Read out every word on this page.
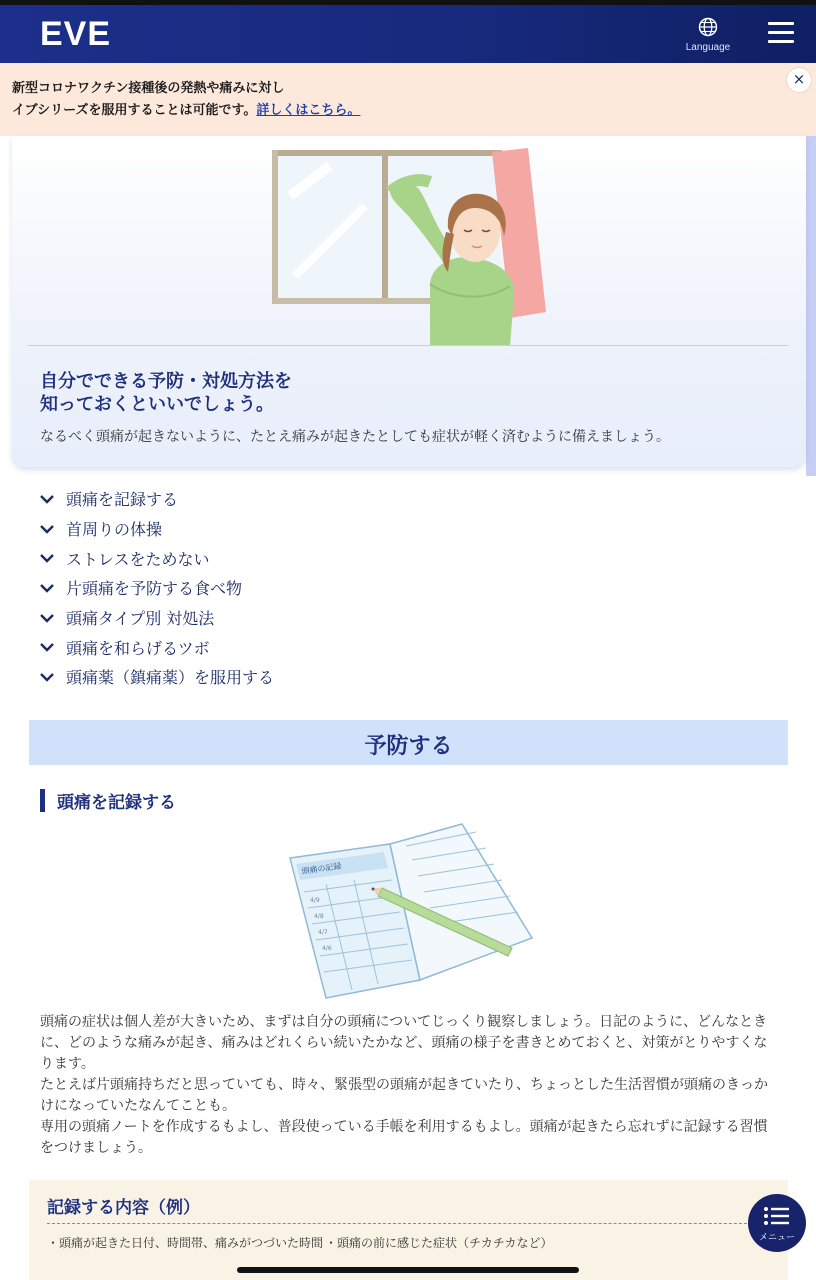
EVE	Language
新型コロナワクチン接種後の発熱や痛みに対し
イブシリーズを服用することは可能です。詳しくはこちら。
×
自分でできる予防・対処方法を
知っておくといいでしょう。
なるべく頭痛が起きないように、たとえ痛みが起きたとしても症状が軽く済むように備えましょう。
頭痛を記録する
首周りの体操
ストレスをためない
片頭痛を予防する食べ物
頭痛タイプ別 対処法
頭痛を和らげるツボ
頭痛薬（鎮痛薬）を服用する
予防する
頭痛を記録する
頭痛の記録
4/9
4/8
4/7
4/6

頭痛の症状は個人差が大きいため、まずは自分の頭痛についてじっくり観察しましょう。日記のように、どんなときに、どのような痛みが起き、痛みはどれくらい続いたかなど、頭痛の様子を書きとめておくと、対策がとりやすくなります。

たとえば片頭痛持ちだと思っていても、時々、緊張型の頭痛が起きていたり、ちょっとした生活習慣が頭痛のきっかけになっていたなんてことも。

専用の頭痛ノートを作成するもよし、普段使っている手帳を利用するもよし。頭痛が起きたら忘れずに記録する習慣をつけましょう。

記録する内容（例）
・頭痛が起きた日付、時間帯、痛みがつづいた時間 ・頭痛の前に感じた症状（チカチカなど）	メニュー
